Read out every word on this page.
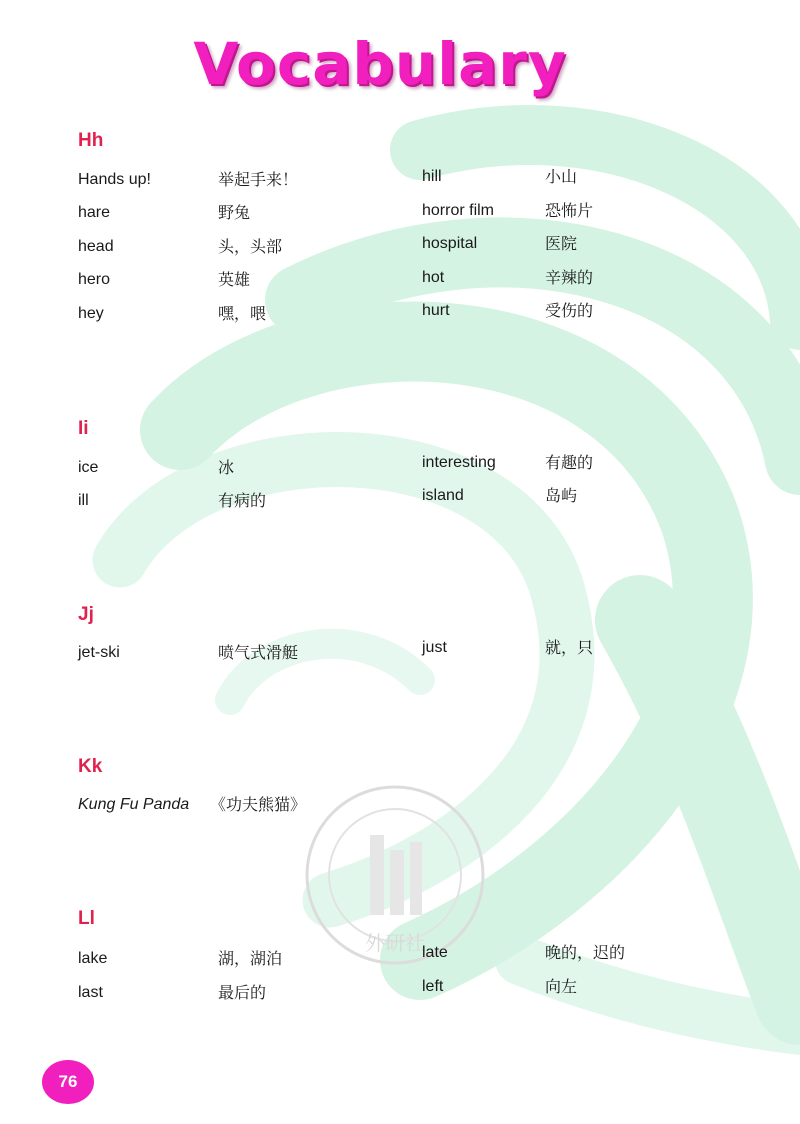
外研社
Vocabulary
Hh
Hands up!	举起手来！
hare	野兔
head	头，头部
hero	英雄
hey	嘿，喂
hill	小山
horror film	恐怖片
hospital	医院
hot	辛辣的
hurt	受伤的
Ii
ice	冰
ill	有病的
interesting	有趣的
island	岛屿
Jj
jet-ski	喷气式滑艇	just	就，只
Kk
Kung Fu Panda 《功夫熊猫》
Ll
lake	湖，湖泊
last	最后的
late	晚的，迟的
left	向左
76
